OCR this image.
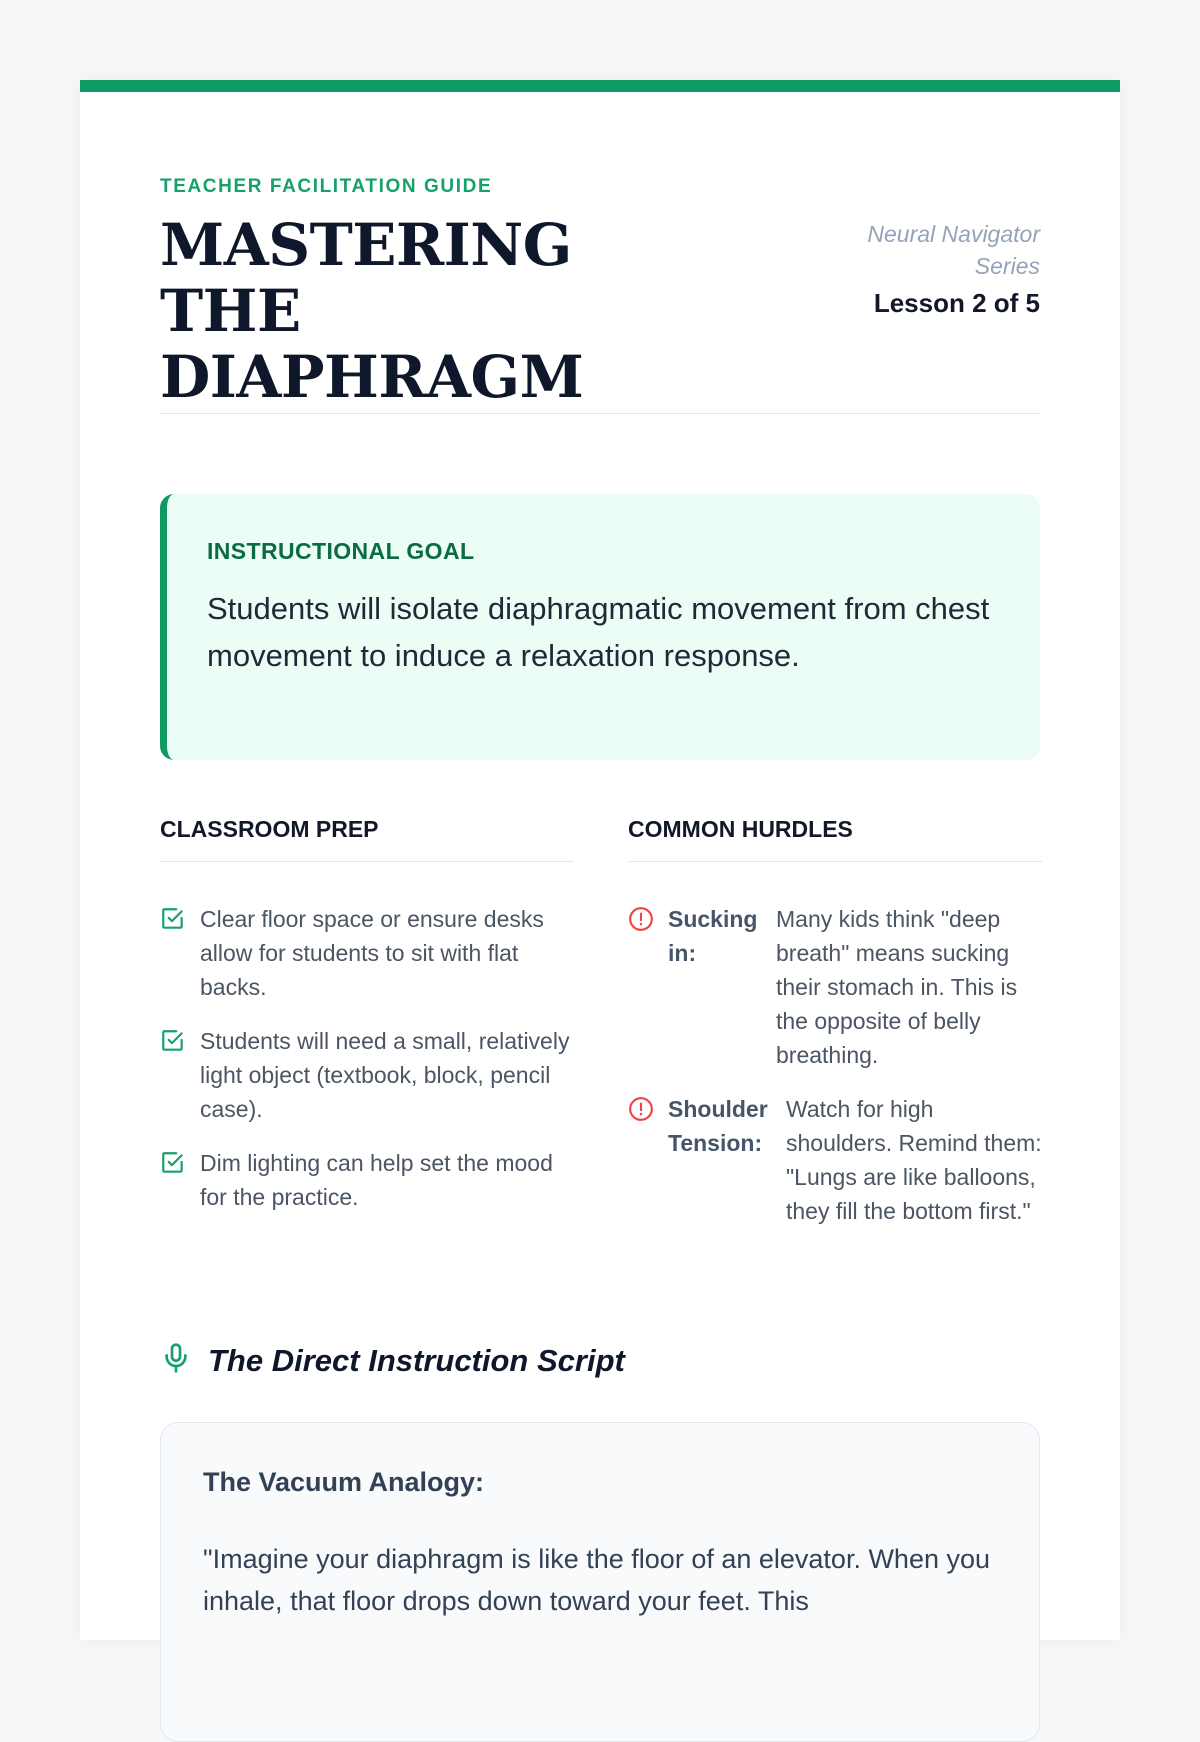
TEACHER FACILITATION GUIDE
MASTERING THE DIAPHRAGM
Neural Navigator Series
Lesson 2 of 5
INSTRUCTIONAL GOAL
Students will isolate diaphragmatic movement from chest movement to induce a relaxation response.
CLASSROOM PREP
Clear floor space or ensure desks allow for students to sit with flat backs.
Students will need a small, relatively light object (textbook, block, pencil case).
Dim lighting can help set the mood for the practice.
COMMON HURDLES
Sucking in:
Many kids think "deep breath" means sucking their stomach in. This is the opposite of belly breathing.
Shoulder Tension:
Watch for high shoulders. Remind them: "Lungs are like balloons, they fill the bottom first."
The Direct Instruction Script
The Vacuum Analogy:
"Imagine your diaphragm is like the floor of an elevator. When you inhale, that floor drops down toward your feet. This
